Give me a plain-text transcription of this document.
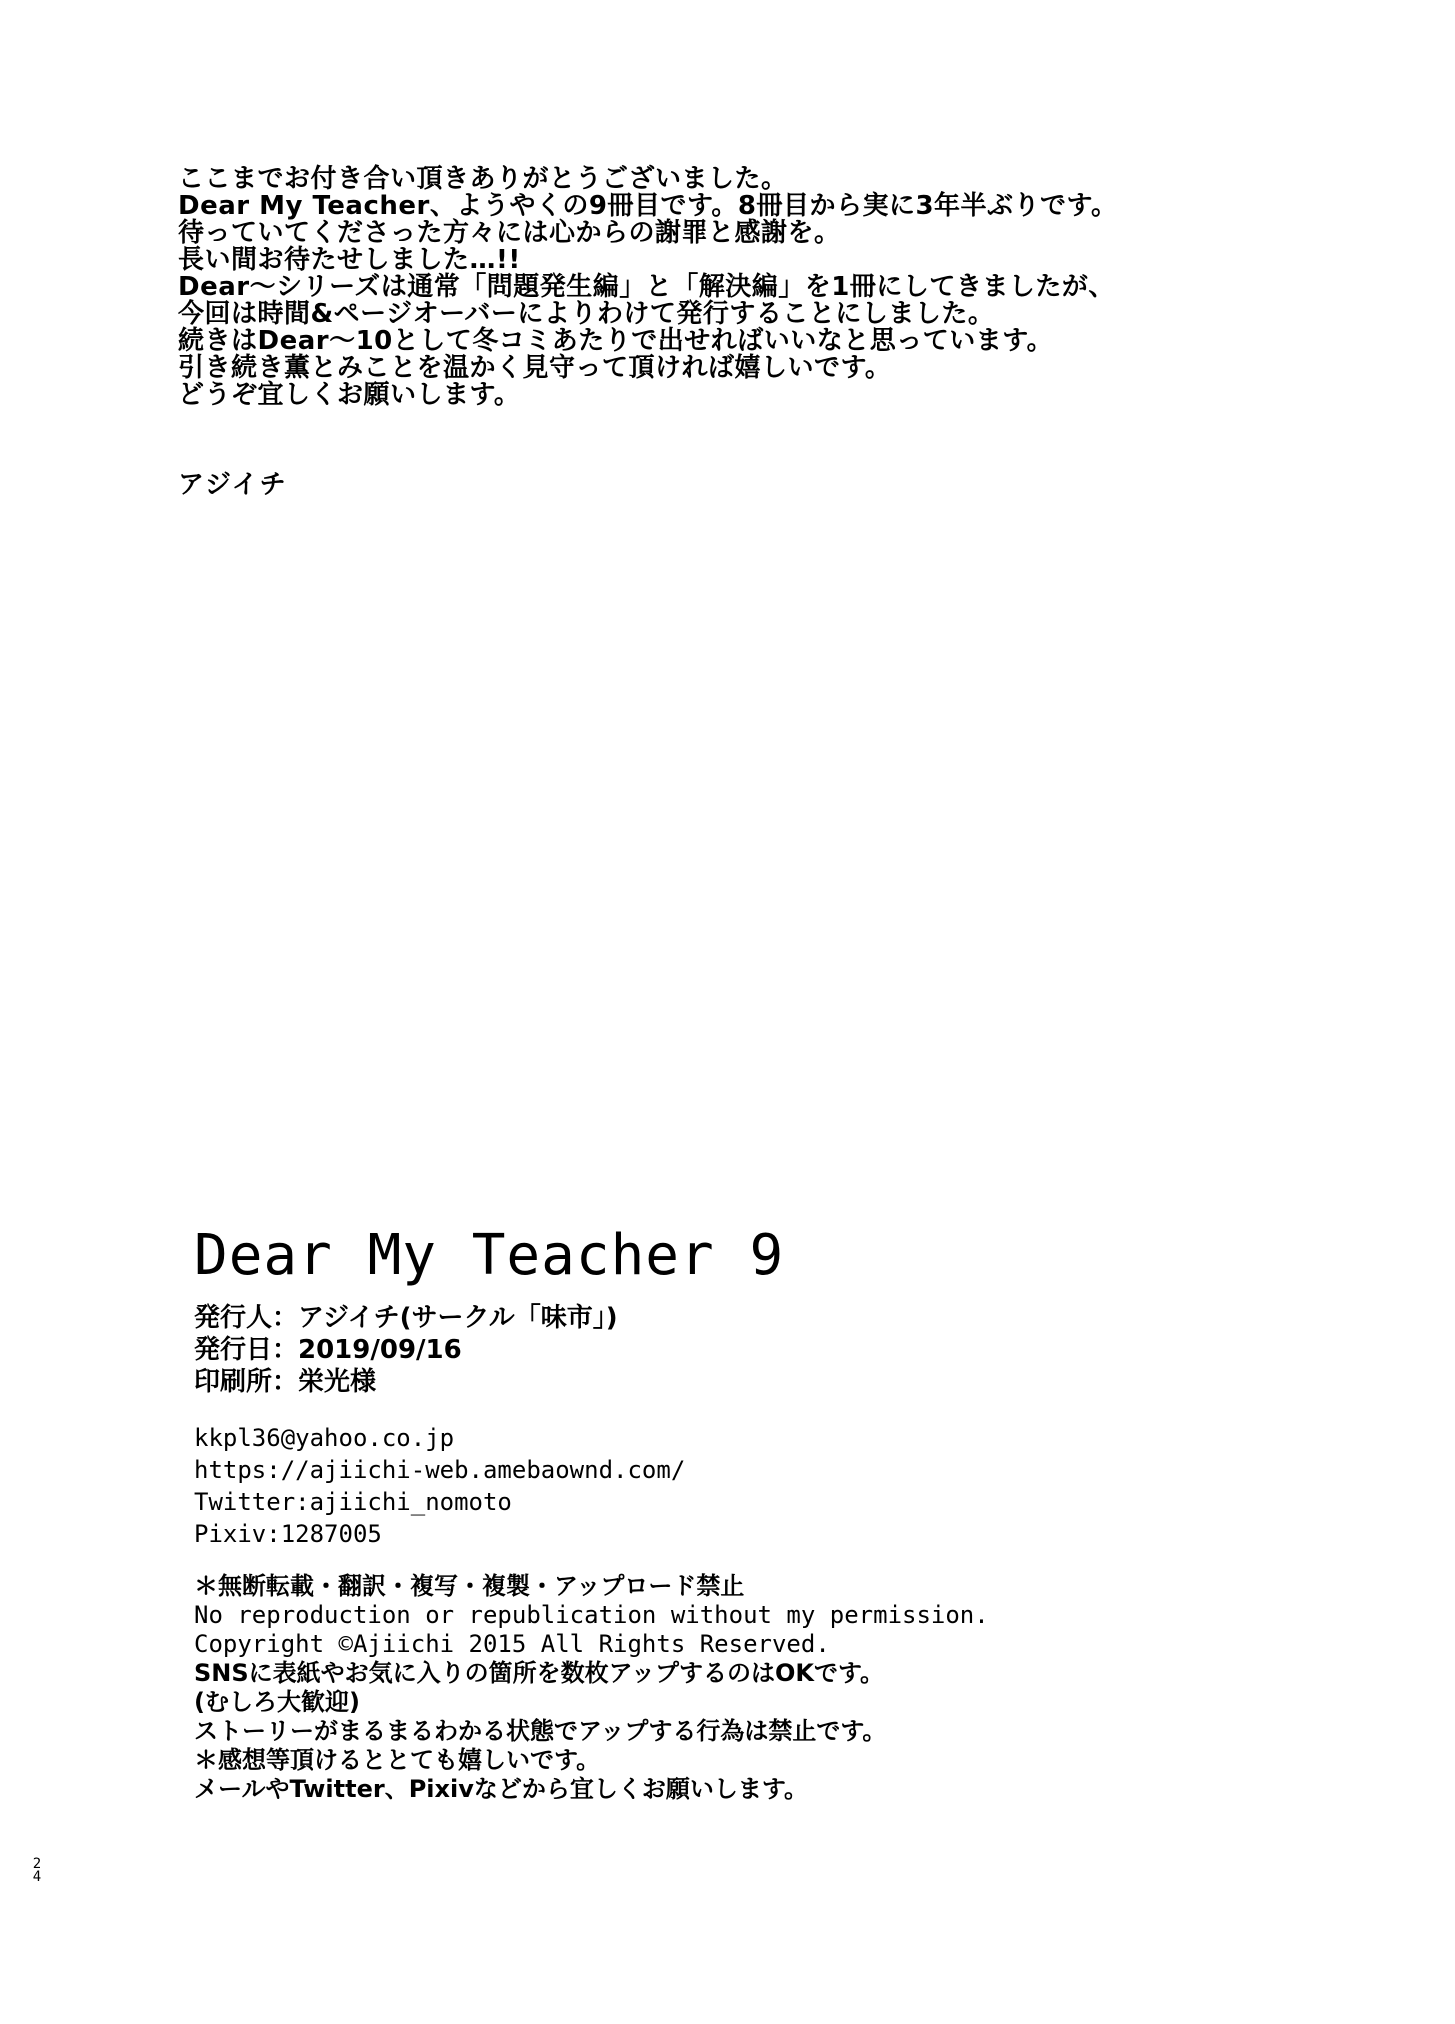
ここまでお付き合い頂きありがとうございました。
Dear My Teacher、ようやくの9冊目です。8冊目から実に3年半ぶりです。
待っていてくださった方々には心からの謝罪と感謝を。
長い間お待たせしました…!!
Dear～シリーズは通常「問題発生編」と「解決編」を1冊にしてきましたが、
今回は時間&ページオーバーによりわけて発行することにしました。
続きはDear～10として冬コミあたりで出せればいいなと思っています。
引き続き薫とみことを温かく見守って頂ければ嬉しいです。
どうぞ宜しくお願いします。
アジイチ
Dear My Teacher 9
発行人：アジイチ(サークル「味市」)
発行日：2019/09/16
印刷所：栄光様
kkpl36@yahoo.co.jp
https://ajiichi-web.amebaownd.com/
Twitter:ajiichi_nomoto
Pixiv:1287005
＊無断転載・翻訳・複写・複製・アップロード禁止
No reproduction or republication without my permission.
Copyright ©Ajiichi 2015 All Rights Reserved.
SNSに表紙やお気に入りの箇所を数枚アップするのはOKです。
(むしろ大歓迎)
ストーリーがまるまるわかる状態でアップする行為は禁止です。
＊感想等頂けるととても嬉しいです。
メールやTwitter、Pixivなどから宜しくお願いします。
2
4
